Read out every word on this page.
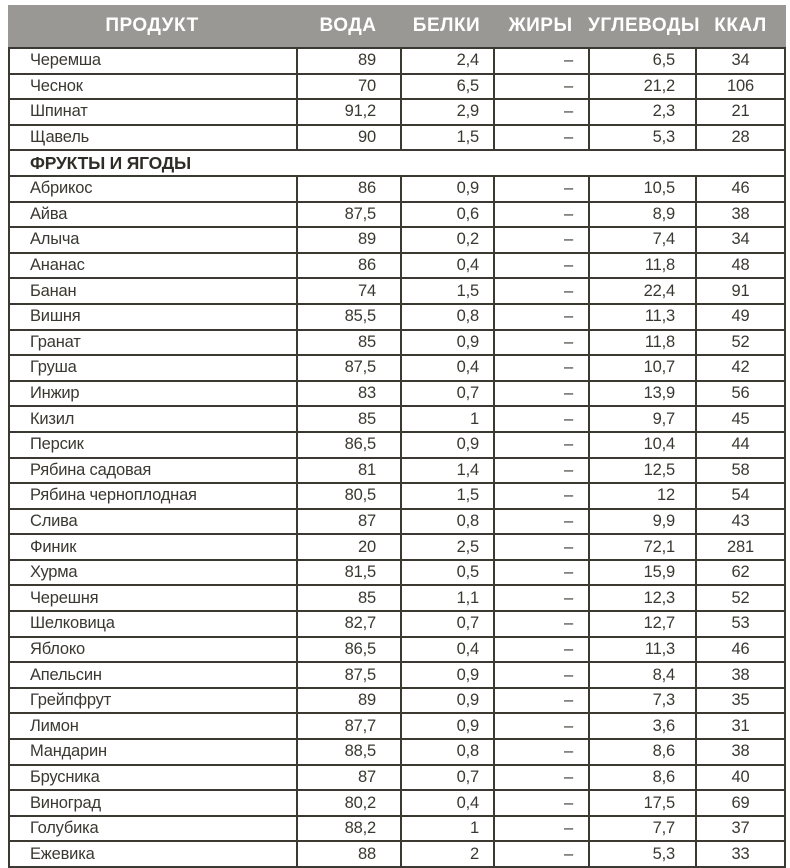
ПРОДУКТ	ВОДА	БЕЛКИ	ЖИРЫ УГЛЕВОДЫ ККАЛ
Черемша	89	2,4	–	6,5	34
Чеснок	70	6,5	–	21,2	106
Шпинат	91,2	2,9	–	2,3	21
Щавель	90	1,5	–	5,3	28
ФРУКТЫ И ЯГОДЫ
Абрикос	86	0,9	–	10,5	46
Айва	87,5	0,6	–	8,9	38
Алыча	89	0,2	–	7,4	34
Ананас	86	0,4	–	11,8	48
Банан	74	1,5	–	22,4	91
Вишня	85,5	0,8	–	11,3	49
Гранат	85	0,9	–	11,8	52
Груша	87,5	0,4	–	10,7	42
Инжир	83	0,7	–	13,9	56
Кизил	85	1	–	9,7	45
Персик	86,5	0,9	–	10,4	44
Рябина садовая	81	1,4	–	12,5	58
Рябина черноплодная	80,5	1,5	–	12	54
Слива	87	0,8	–	9,9	43
Финик	20	2,5	–	72,1	281
Хурма	81,5	0,5	–	15,9	62
Черешня	85	1,1	–	12,3	52
Шелковица	82,7	0,7	–	12,7	53
Яблоко	86,5	0,4	–	11,3	46
Апельсин	87,5	0,9	–	8,4	38
Грейпфрут	89	0,9	–	7,3	35
Лимон	87,7	0,9	–	3,6	31
Мандарин	88,5	0,8	–	8,6	38
Брусника	87	0,7	–	8,6	40
Виноград	80,2	0,4	–	17,5	69
Голубика	88,2	1	–	7,7	37
Ежевика	88	2	–	5,3	33
